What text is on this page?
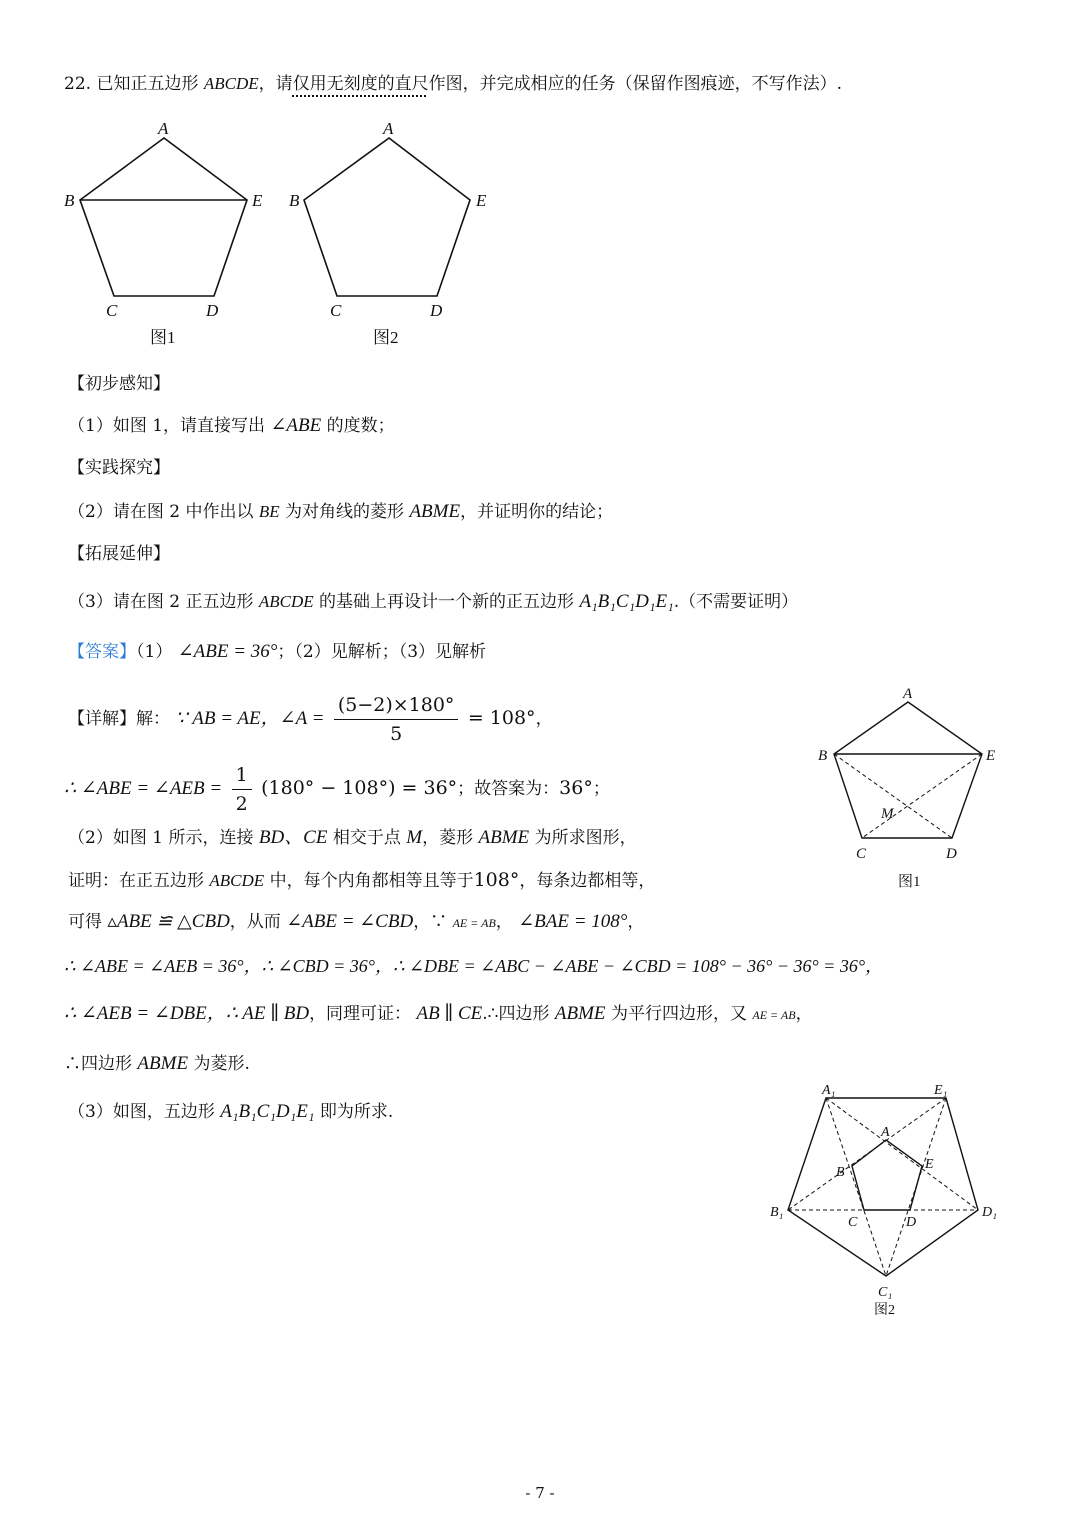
22. 已知正五边形 ABCDE，请仅用无刻度的直尺作图，并完成相应的任务（保留作图痕迹，不写作法）.
A
B	E
C	D
A
B	E
C	D
图1	图2
【初步感知】
（1）如图 1，请直接写出 ∠ABE 的度数；
【实践探究】
（2）请在图 2 中作出以 BE 为对角线的菱形 ABME，并证明你的结论；
【拓展延伸】
（3）请在图 2 正五边形 ABCDE 的基础上再设计一个新的正五边形 A₁B₁C₁D₁E₁.（不需要证明）
【答案】（1） ∠ABE = 36°；（2）见解析；（3）见解析
【详解】解： ∵ AB = AE，∠A = $\frac{(5-2)\times 180^\circ}{5} = 108^\circ$，
∴ ∠ABE = ∠AEB = $\frac{1}{2} (180^\circ - 108^\circ) = 36^\circ$；故答案为：36°；
（2）如图 1 所示，连接 BD、CE 相交于点 M，菱形 ABME 为所求图形，
证明：在正五边形 ABCDE 中，每个内角都相等且等于108°，每条边都相等，
可得 ▵ABE ≌ △CBD，从而 ∠ABE = ∠CBD，∵ AE = AB， ∠BAE = 108°，
∴ ∠ABE = ∠AEB = 36°，∴ ∠CBD = 36°，∴ ∠DBE = ∠ABC − ∠ABE − ∠CBD = 108° − 36° − 36° = 36°，
∴ ∠AEB = ∠DBE，∴ AE ∥ BD，同理可证： AB ∥ CE.∴四边形 ABME 为平行四边形，又 AE = AB，
∴四边形 ABME 为菱形.
（3）如图，五边形 A₁B₁C₁D₁E₁ 即为所求.
A
B	E
M
C	D
图1
A₁	E₁
B₁	D₁
C₁
A
B
E
C	D
图2
- 7 -
